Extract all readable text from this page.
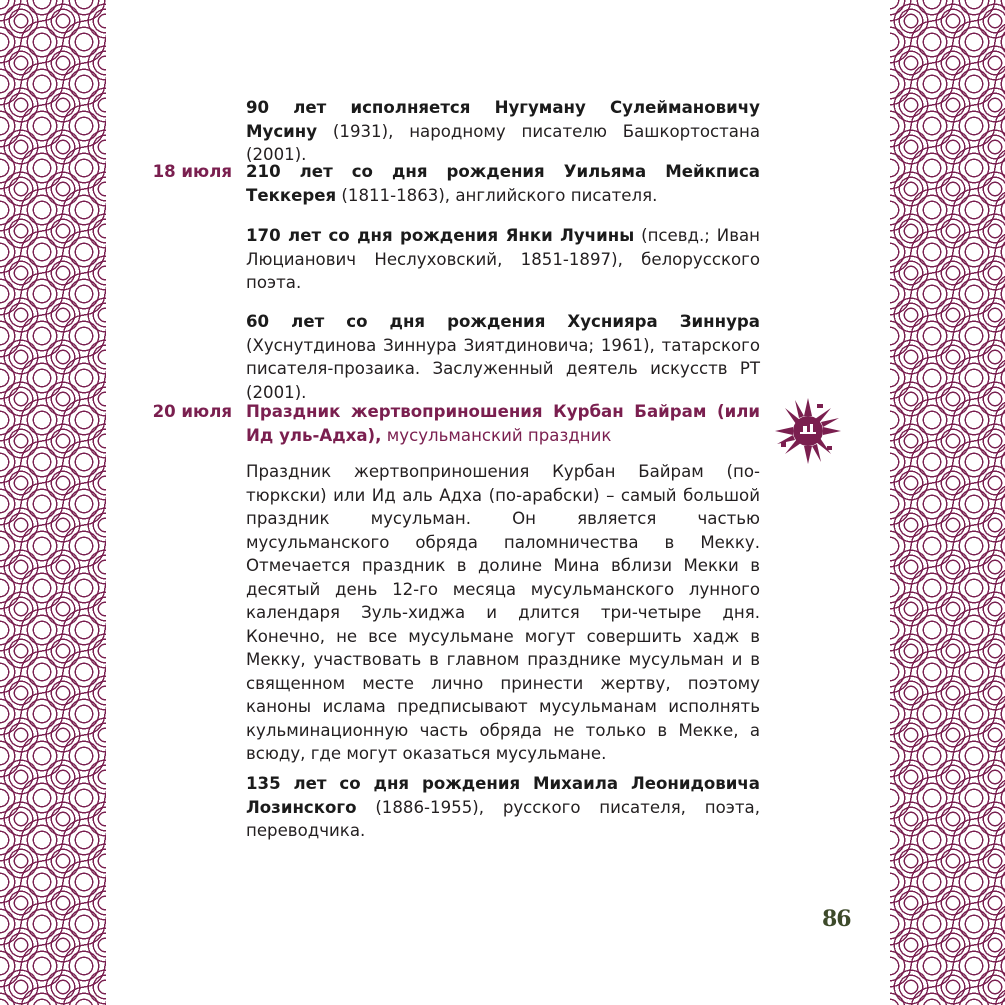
90 лет исполняется Нугуману Сулеймановичу Мусину (1931), народному писателю Башкортостана (2001).

18 июля 210 лет со дня рождения Уильяма Мейкписа Теккерея (1811-1863), английского писателя.

170 лет со дня рождения Янки Лучины (псевд.; Иван Люцианович Неслуховский, 1851-1897), белорусского поэта.

60 лет со дня рождения Хуснияра Зиннура (Хуснутдинова Зиннура Зиятдиновича; 1961), татарского писателя-прозаика. Заслуженный деятель искусств РТ (2001).

20 июля Праздник жертвоприношения Курбан Байрам (или Ид уль-Адха), мусульманский праздник

Праздник жертвоприношения Курбан Байрам (по-тюркски) или Ид аль Адха (по-арабски) – самый большой праздник мусульман. Он является частью мусульманского обряда паломничества в Мекку. Отмечается праздник в долине Мина вблизи Мекки в десятый день 12-го месяца мусульманского лунного календаря Зуль-хиджа и длится три-четыре дня. Конечно, не все мусульмане могут совершить хадж в Мекку, участвовать в главном празднике мусульман и в священном месте лично принести жертву, поэтому каноны ислама предписывают мусульманам исполнять кульминационную часть обряда не только в Мекке, а всюду, где могут оказаться мусульмане.

135 лет со дня рождения Михаила Леонидовича Лозинского (1886-1955), русского писателя, поэта, переводчика.

86
